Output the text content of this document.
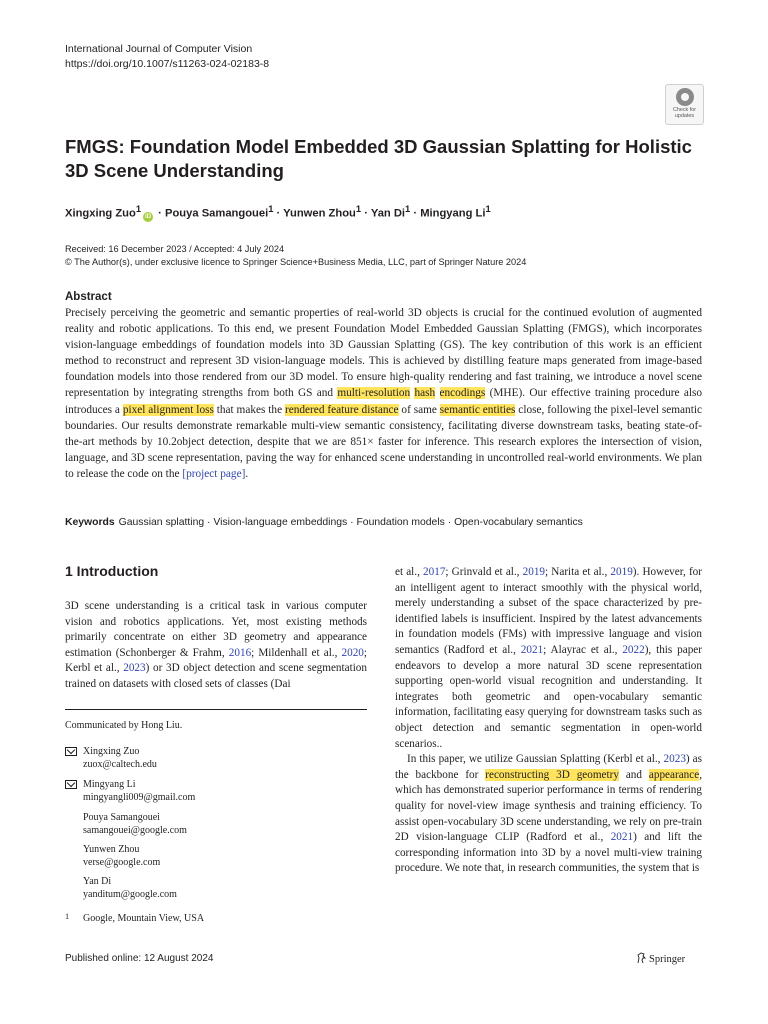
International Journal of Computer Vision
https://doi.org/10.1007/s11263-024-02183-8
Check for
updates
FMGS: Foundation Model Embedded 3D Gaussian Splatting for Holistic
3D Scene Understanding
Xingxing Zuo$^1$iD · Pouya Samangouei$^1$ · Yunwen Zhou$^1$ · Yan $Di^1$ · Mingyang Li$^1$
Received: 16 December 2023 / Accepted: 4 July 2024
© The Author(s), under exclusive licence to Springer Science+Business Media, LLC, part of Springer Nature 2024
Abstract
Precisely perceiving the geometric and semantic properties of real-world 3D objects is crucial for the continued evolution of augmented reality and robotic applications. To this end, we present Foundation Model Embedded Gaussian Splatting (FMGS), which incorporates vision-language embeddings of foundation models into 3D Gaussian Splatting (GS). The key contribution of this work is an efficient method to reconstruct and represent 3D vision-language models. This is achieved by distilling feature maps generated from image-based foundation models into those rendered from our 3D model. To ensure high-quality rendering and fast training, we introduce a novel scene representation by integrating strengths from both GS and multi-resolution hash encodings (MHE). Our effective training procedure also introduces a pixel alignment loss that makes the rendered feature distance of same semantic entities close, following the pixel-level semantic boundaries. Our results demonstrate remarkable multi-view semantic consistency, facilitating diverse downstream tasks, beating state-of-the-art methods by 10.2object detection, despite that we are 851× faster for inference. This research explores the intersection of vision, language, and 3D scene representation, paving the way for enhanced scene understanding in uncontrolled real-world environments. We plan to release the code on the [project page].
Keywords Gaussian splatting · Vision-language embeddings · Foundation models · Open-vocabulary semantics
1 Introduction

3D scene understanding is a critical task in various computer vision and robotics applications. Yet, most existing methods primarily concentrate on either 3D geometry and appearance estimation (Schonberger & Frahm, 2016; Mildenhall et al., 2020; Kerbl et al., 2023) or 3D object detection and scene segmentation trained on datasets with closed sets of classes (Dai

Communicated by Hong Liu.
Xingxing Zuo
zuox@caltech.edu
Mingyang Li
mingyangli009@gmail.com
Pouya Samangouei
samangouei@google.com
Yunwen Zhou
verse@google.com
Yan Di
yanditum@google.com
1 Google, Mountain View, USA

et al., 2017; Grinvald et al., 2019; Narita et al., 2019). However, for an intelligent agent to interact smoothly with the physical world, merely understanding a subset of the space characterized by pre-identified labels is insufficient. Inspired by the latest advancements in foundation models (FMs) with impressive language and vision semantics (Radford et al., 2021; Alayrac et al., 2022), this paper endeavors to develop a more natural 3D scene representation supporting open-world visual recognition and understanding. It integrates both geometric and open-vocabulary semantic information, facilitating easy querying for downstream tasks such as object detection and semantic segmentation in open-world scenarios..

In this paper, we utilize Gaussian Splatting (Kerbl et al., 2023) as the backbone for reconstructing 3D geometry and appearance, which has demonstrated superior performance in terms of rendering quality for novel-view image synthesis and training efficiency. To assist open-vocabulary 3D scene understanding, we rely on pre-train 2D vision-language CLIP (Radford et al., 2021) and lift the corresponding information into 3D by a novel multi-view training procedure. We note that, in research communities, the system that is

Published online: 12 August 2024	Springer
